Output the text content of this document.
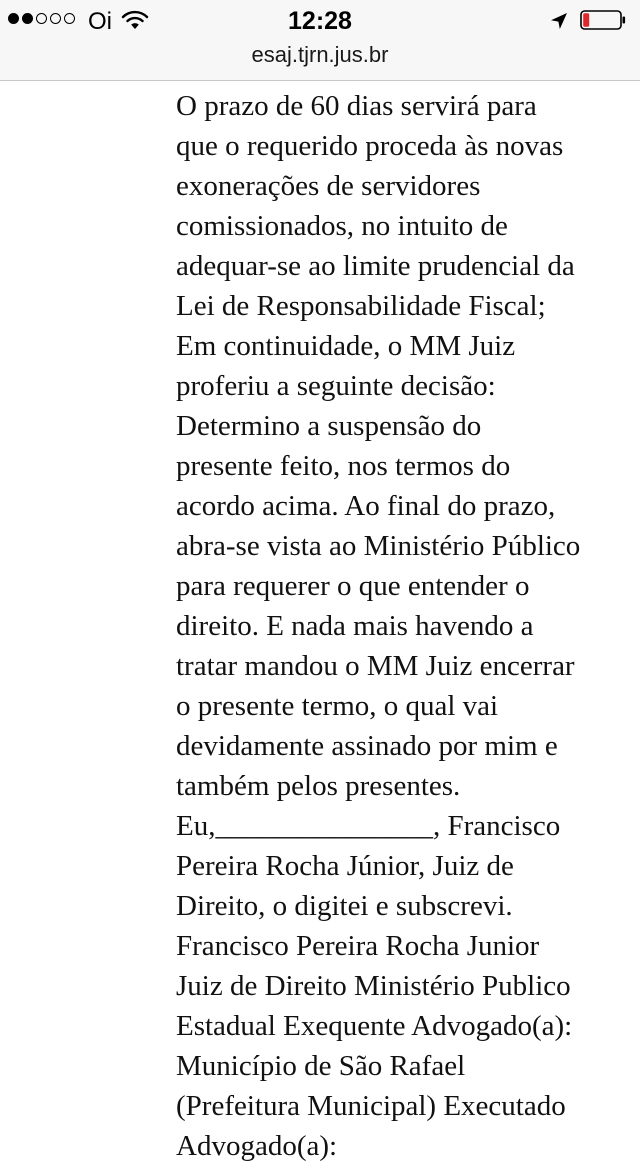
O prazo de 60 dias servirá para
que o requerido proceda às novas
exonerações de servidores
comissionados, no intuito de
adequar-se ao limite prudencial da
Lei de Responsabilidade Fiscal;
Em continuidade, o MM Juiz
proferiu a seguinte decisão:
Determino a suspensão do
presente feito, nos termos do
acordo acima. Ao final do prazo,
abra-se vista ao Ministério Público
para requerer o que entender o
direito. E nada mais havendo a
tratar mandou o MM Juiz encerrar
o presente termo, o qual vai
devidamente assinado por mim e
também pelos presentes.
Eu,_______________, Francisco
Pereira Rocha Júnior, Juiz de
Direito, o digitei e subscrevi.
Francisco Pereira Rocha Junior
Juiz de Direito Ministério Publico
Estadual Exequente Advogado(a):
Município de São Rafael
(Prefeitura Municipal) Executado
Advogado(a):
Oi	12:28
esaj.tjrn.jus.br
